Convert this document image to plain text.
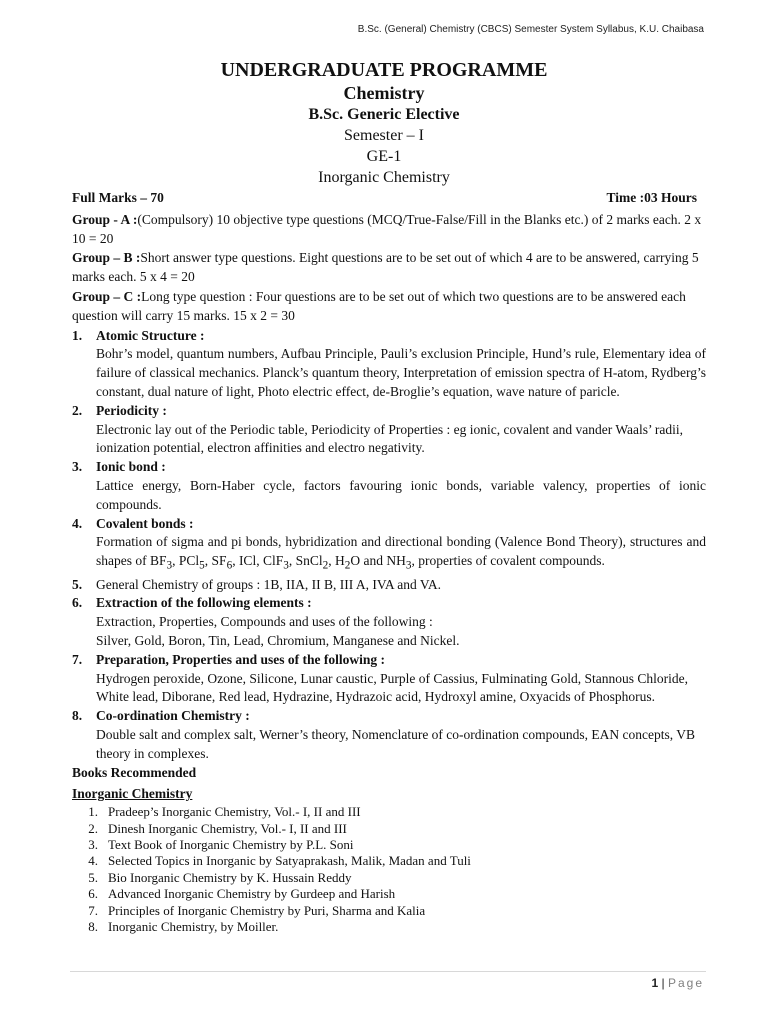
B.Sc. (General) Chemistry (CBCS) Semester System Syllabus, K.U. Chaibasa
UNDERGRADUATE PROGRAMME
Chemistry
B.Sc. Generic Elective
Semester – I
GE-1
Inorganic Chemistry
Full Marks – 70	Time :03 Hours

Group - A :(Compulsory) 10 objective type questions (MCQ/True-False/Fill in the Blanks etc.) of 2 marks each. 2 x 10 = 20

Group – B :Short answer type questions. Eight questions are to be set out of which 4 are to be answered, carrying 5 marks each. 5 x 4 = 20

Group – C :Long type question : Four questions are to be set out of which two questions are to be answered each question will carry 15 marks. 15 x 2 = 30

1.	Atomic Structure :
Bohr’s model, quantum numbers, Aufbau Principle, Pauli’s exclusion Principle, Hund’s rule, Elementary idea of failure of classical mechanics. Planck’s quantum theory, Interpretation of emission spectra of H-atom, Rydberg’s constant, dual nature of light, Photo electric effect, de-Broglie’s equation, wave nature of paricle.
2.	Periodicity :
Electronic lay out of the Periodic table, Periodicity of Properties : eg ionic, covalent and vander Waals’ radii, ionization potential, electron affinities and electro negativity.
3.	Ionic bond :
Lattice energy, Born-Haber cycle, factors favouring ionic bonds, variable valency, properties of ionic compounds.
4.	Covalent bonds :
Formation of sigma and pi bonds, hybridization and directional bonding (Valence Bond Theory), structures and shapes of $BF_3$, PCl$_5$, $SF_6$, ICl, ClF$_3$, SnCl$_2$, $H_2O$ and $NH_3$, properties of covalent compounds.
5.	General Chemistry of groups : 1B, IIA, II B, III A, IVA and VA.
6.	Extraction of the following elements :
Extraction, Properties, Compounds and uses of the following :
Silver, Gold, Boron, Tin, Lead, Chromium, Manganese and Nickel.
7.	Preparation, Properties and uses of the following :
Hydrogen peroxide, Ozone, Silicone, Lunar caustic, Purple of Cassius, Fulminating Gold, Stannous Chloride, White lead, Diborane, Red lead, Hydrazine, Hydrazoic acid, Hydroxyl amine, Oxyacids of Phosphorus.
8.	Co-ordination Chemistry :
Double salt and complex salt, Werner’s theory, Nomenclature of co-ordination compounds, EAN concepts, VB theory in complexes.
Books Recommended
Inorganic Chemistry
1. Pradeep’s Inorganic Chemistry, Vol.- I, II and III
2. Dinesh Inorganic Chemistry, Vol.- I, II and III
3. Text Book of Inorganic Chemistry by P.L. Soni
4. Selected Topics in Inorganic by Satyaprakash, Malik, Madan and Tuli
5. Bio Inorganic Chemistry by K. Hussain Reddy
6. Advanced Inorganic Chemistry by Gurdeep and Harish
7. Principles of Inorganic Chemistry by Puri, Sharma and Kalia
8. Inorganic Chemistry, by Moiller.
1 | Page
